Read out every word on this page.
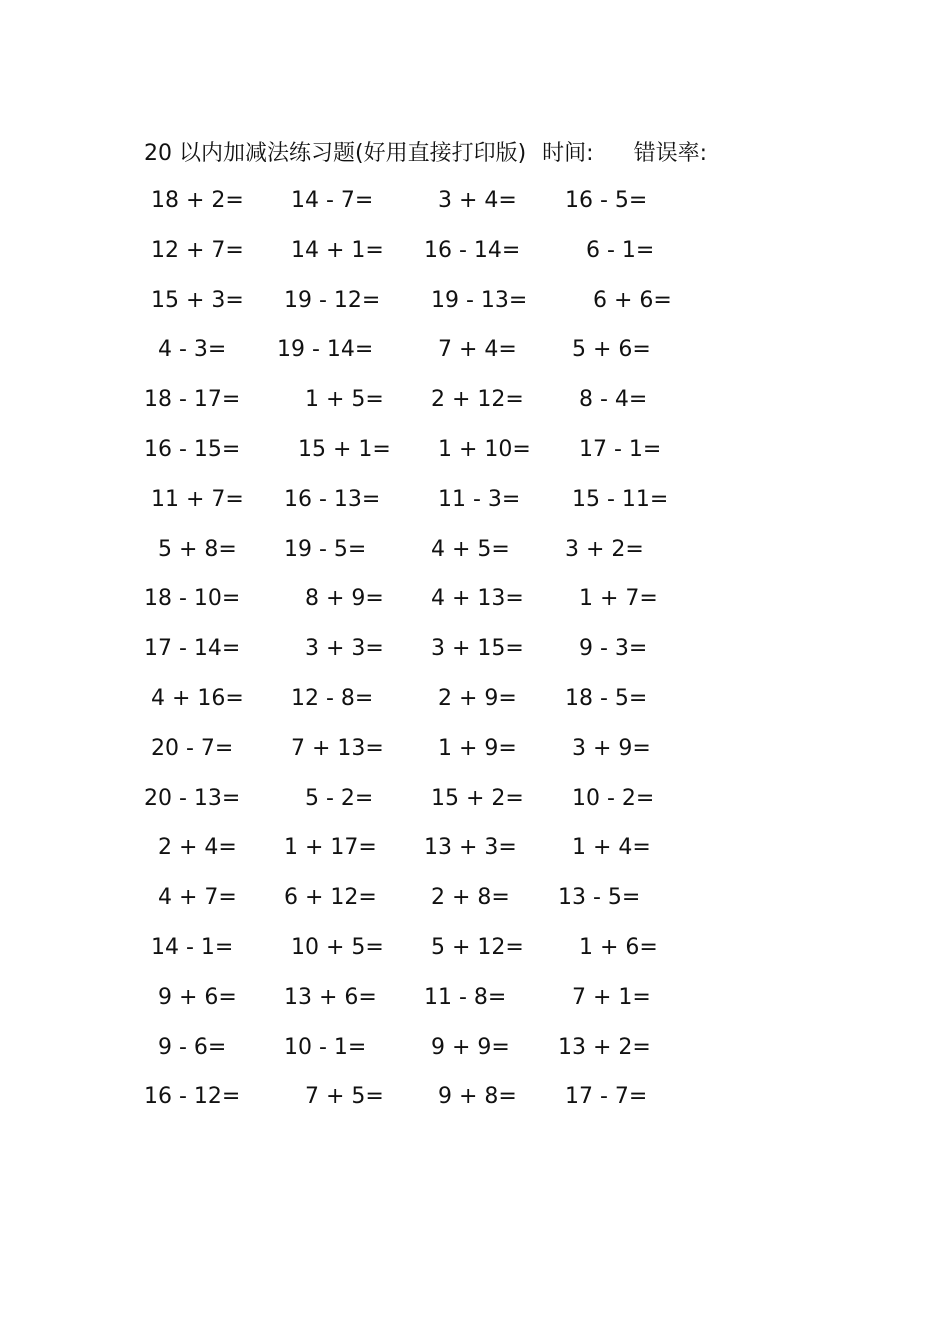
20 以内加减法练习题(好用直接打印版) 时间: 错误率:
18 + 2= 14 - 7=	3 + 4= 16 - 5=
12 + 7= 14 + 1= 16 - 14=	6 - 1=
15 + 3= 19 - 12= 19 - 13=	6 + 6=
4 - 3= 19 - 14=	7 + 4=	5 + 6=
18 - 17=	1 + 5= 2 + 12=	8 - 4=
16 - 15=	15 + 1= 1 + 10= 17 - 1=
11 + 7= 16 - 13=	11 - 3= 15 - 11=
5 + 8= 19 - 5=	4 + 5=	3 + 2=
18 - 10=	8 + 9= 4 + 13=	1 + 7=
17 - 14=	3 + 3= 3 + 15=	9 - 3=
4 + 16= 12 - 8=	2 + 9= 18 - 5=
20 - 7=	7 + 13= 1 + 9=	3 + 9=
20 - 13=	5 - 2=	15 + 2= 10 - 2=
2 + 4= 1 + 17= 13 + 3=	1 + 4=
4 + 7= 6 + 12= 2 + 8= 13 - 5=
14 - 1=	10 + 5= 5 + 12=	1 + 6=
9 + 6= 13 + 6= 11 - 8=	7 + 1=
9 - 6=	10 - 1=	9 + 9= 13 + 2=
16 - 12=	7 + 5= 9 + 8= 17 - 7=
